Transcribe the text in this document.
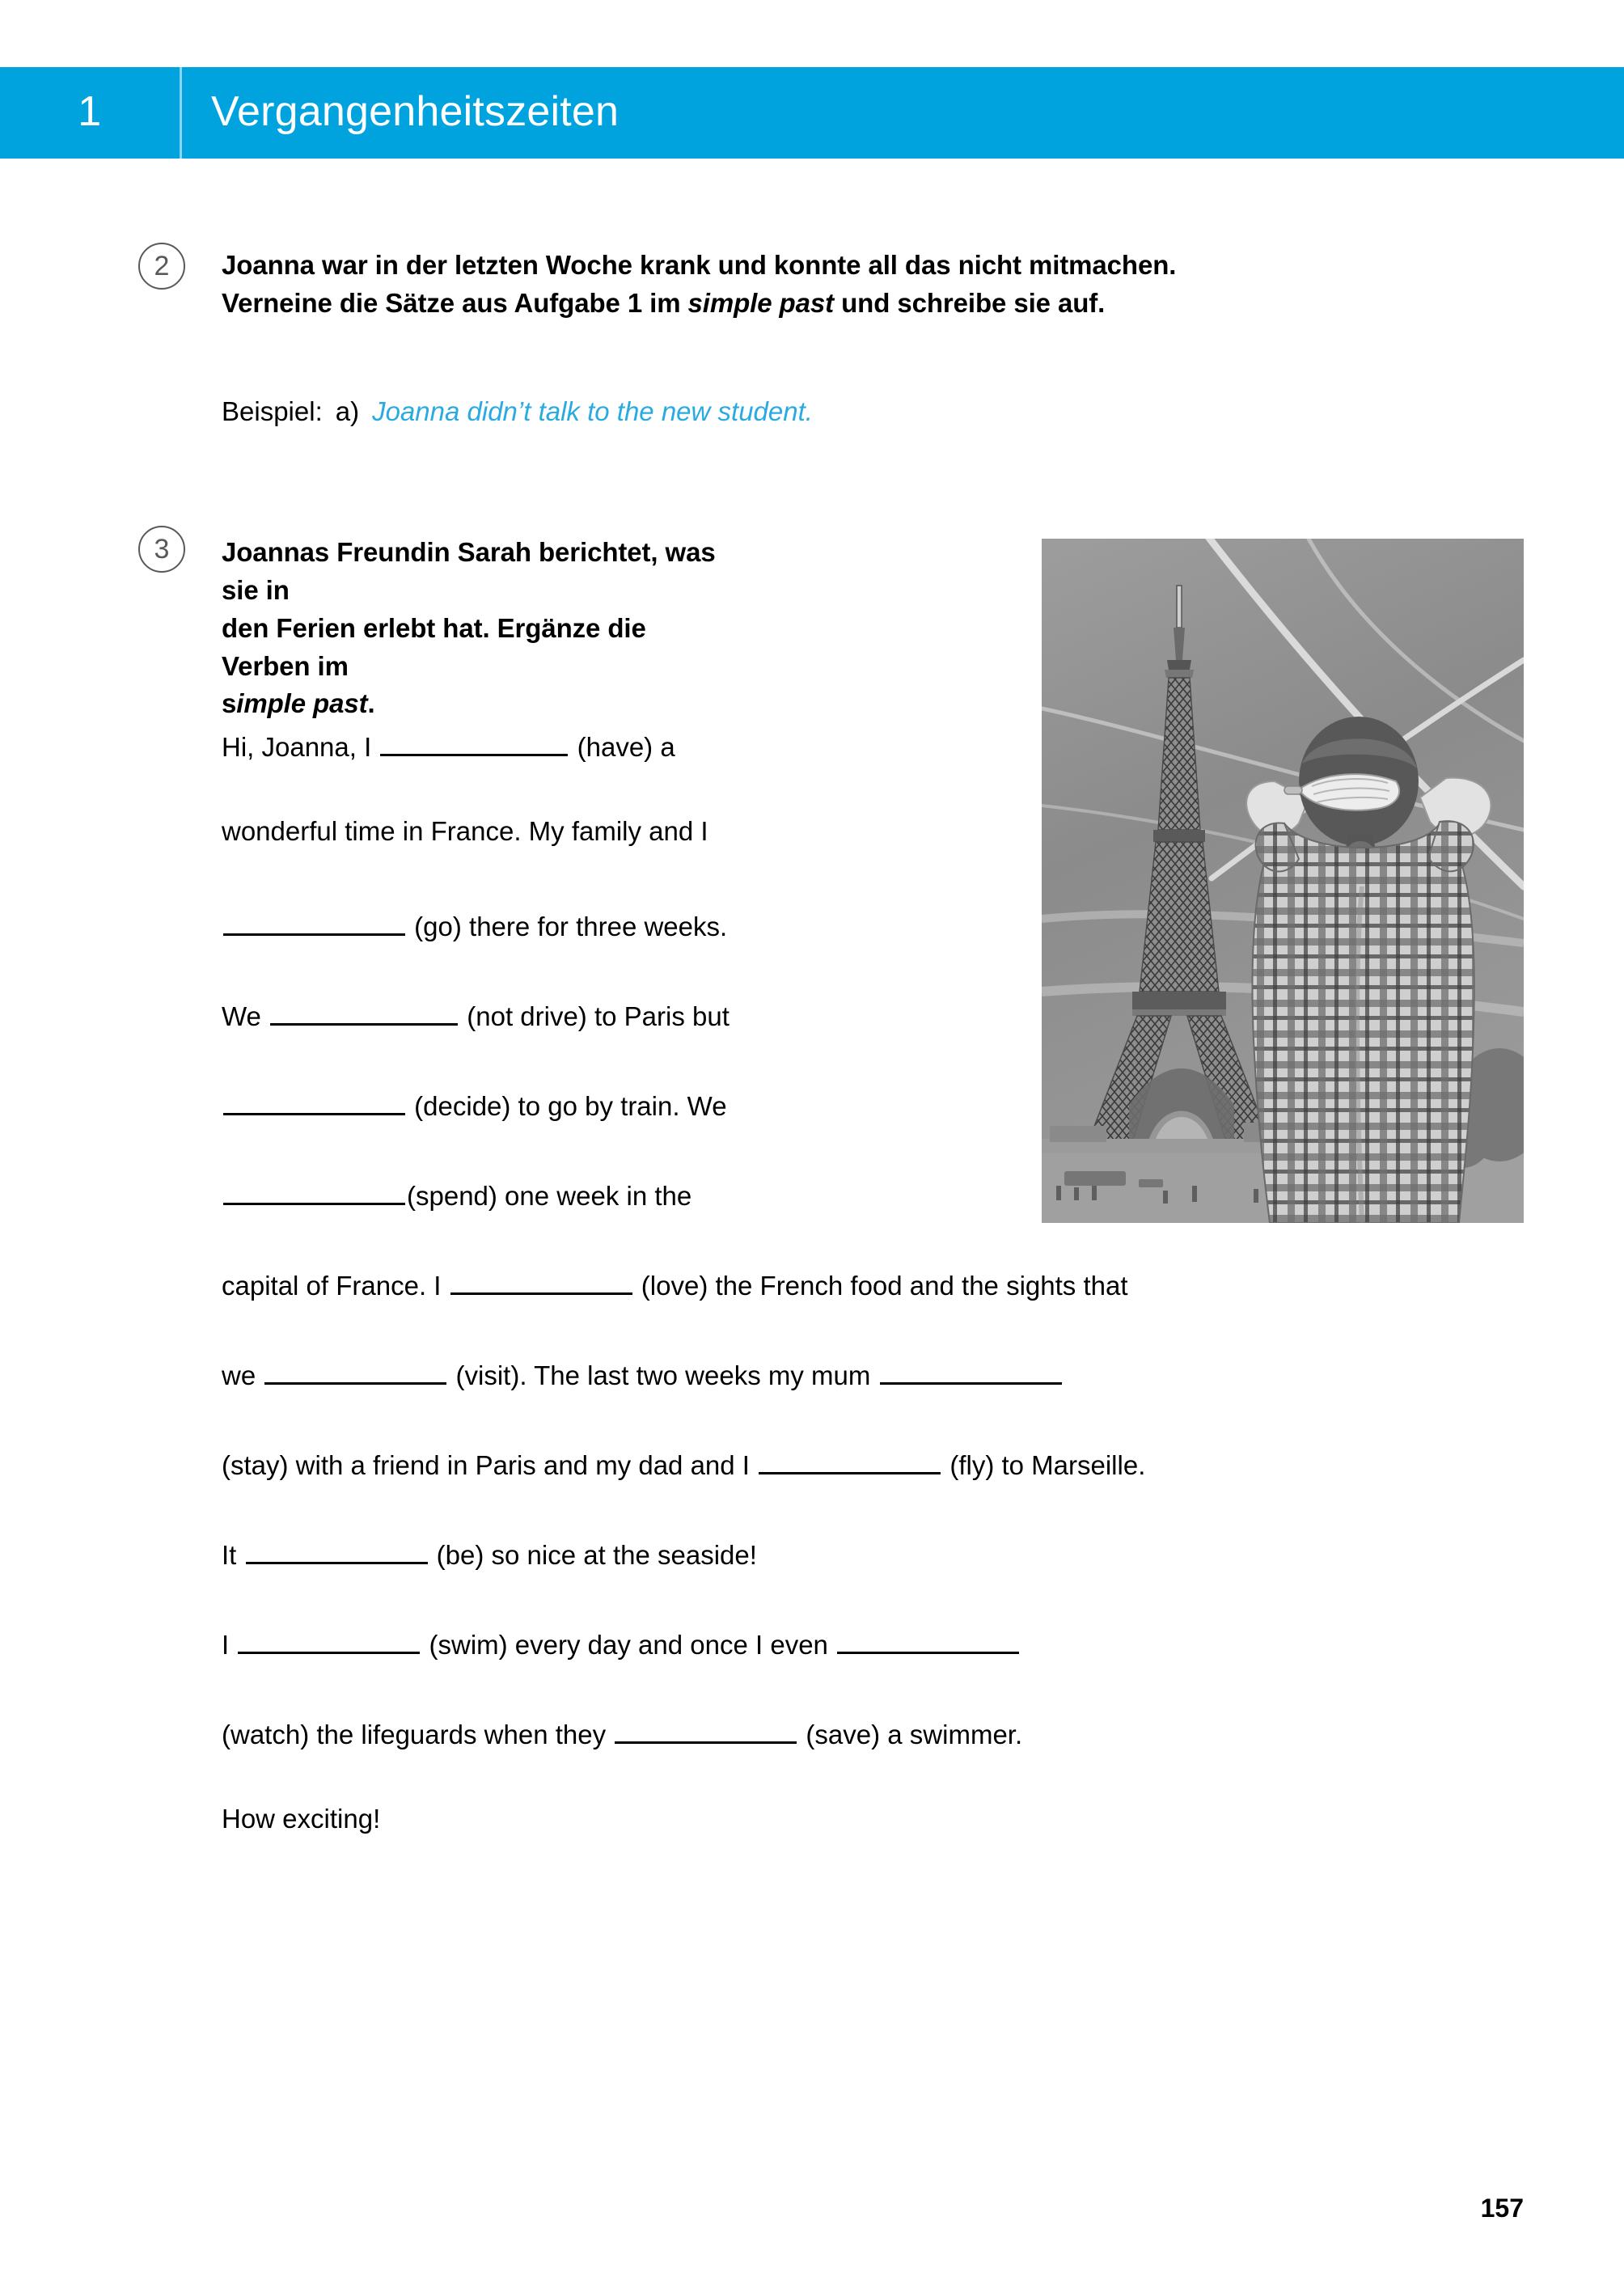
1	Vergangenheitszeiten
2	Joanna war in der letzten Woche krank und konnte all das nicht mitmachen.
Verneine die Sätze aus Aufgabe 1 im simple past und schreibe sie auf.
Beispiel: a) Joanna didn’t talk to the new student.
3	Joannas Freundin Sarah berichtet, was sie in
den Ferien erlebt hat. Ergänze die Verben im
simple past.
Hi, Joanna, I	(have) a
wonderful time in France. My family and I
(go) there for three weeks.
We	(not drive) to Paris but
(decide) to go by train. We
(spend) one week in the
capital of France. I	(love) the French food and the sights that
we	(visit). The last two weeks my mum
(stay) with a friend in Paris and my dad and I	(fly) to Marseille.
It	(be) so nice at the seaside!
I	(swim) every day and once I even
(watch) the lifeguards when they	(save) a swimmer.
How exciting!
157
